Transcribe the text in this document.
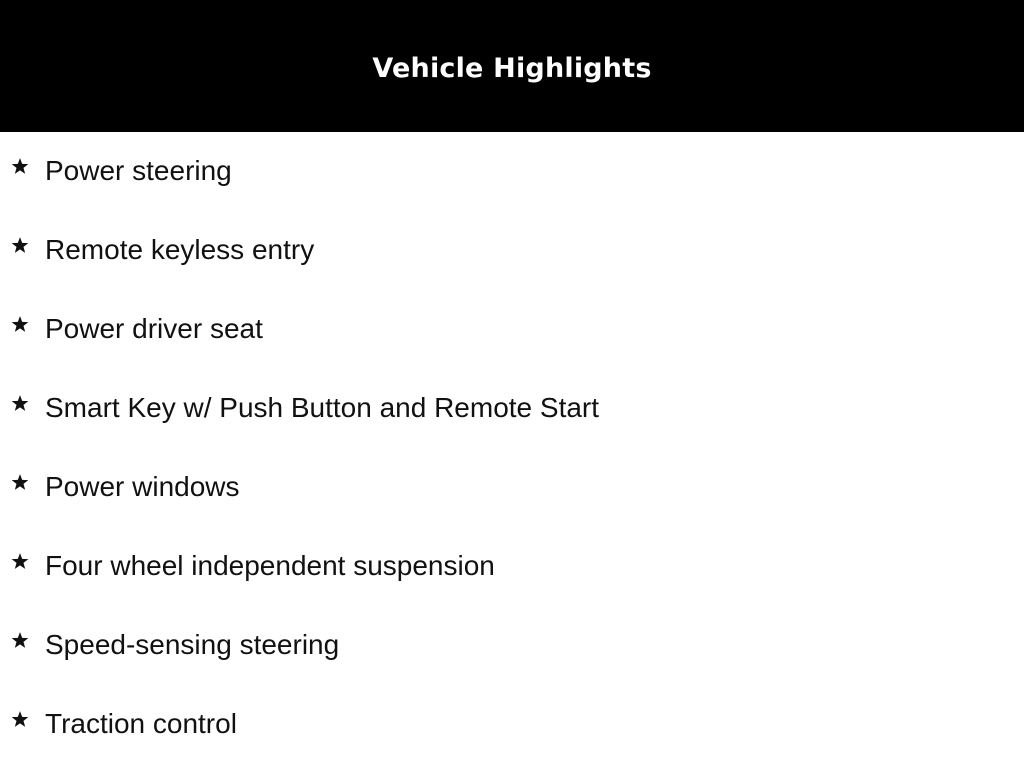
Vehicle Highlights
Power steering
Remote keyless entry
Power driver seat
Smart Key w/ Push Button and Remote Start
Power windows
Four wheel independent suspension
Speed-sensing steering
Traction control
